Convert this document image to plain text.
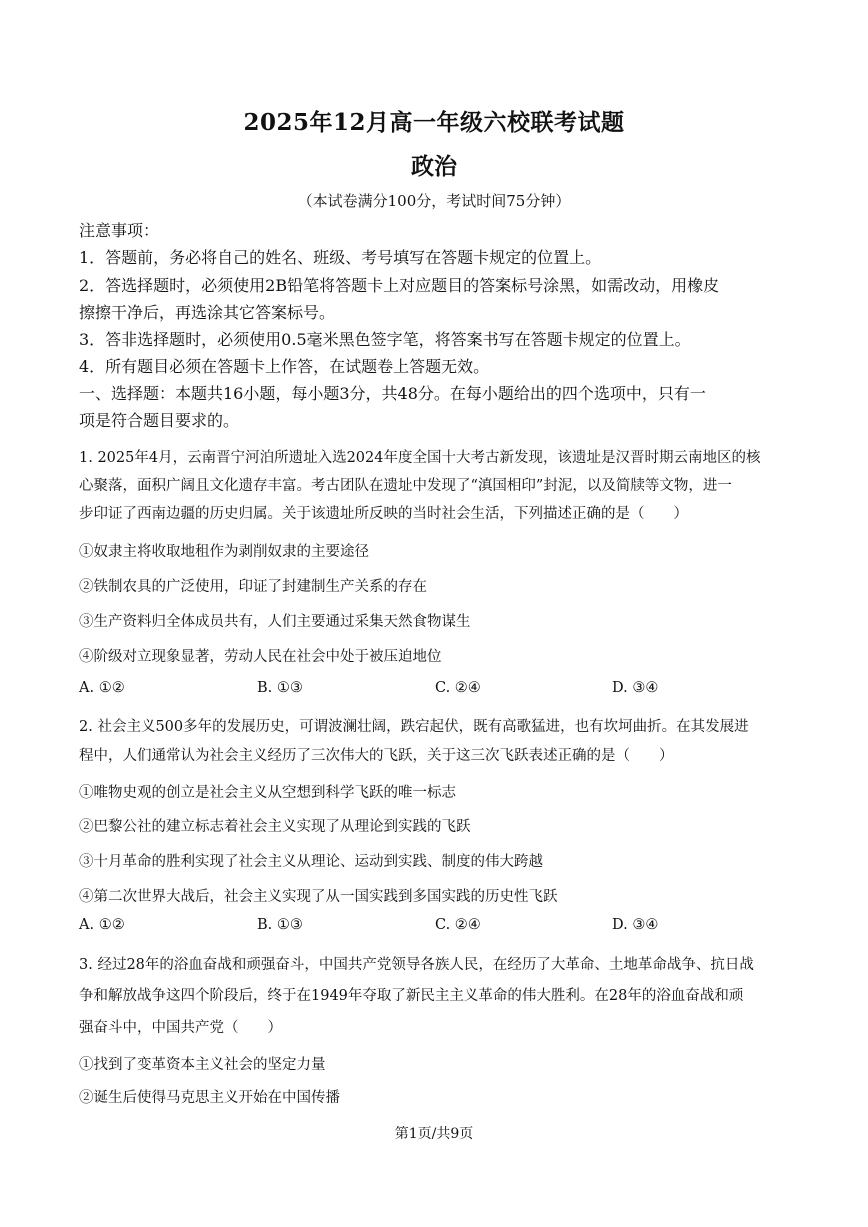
2025年12月高一年级六校联考试题
政治
（本试卷满分100分，考试时间75分钟）
注意事项：
1．答题前，务必将自己的姓名、班级、考号填写在答题卡规定的位置上。
2．答选择题时，必须使用2B铅笔将答题卡上对应题目的答案标号涂黑，如需改动，用橡皮
擦擦干净后，再选涂其它答案标号。
3．答非选择题时，必须使用0.5毫米黑色签字笔，将答案书写在答题卡规定的位置上。
4．所有题目必须在答题卡上作答，在试题卷上答题无效。
一、选择题：本题共16小题，每小题3分，共48分。在每小题给出的四个选项中，只有一
项是符合题目要求的。
1. 2025年4月，云南晋宁河泊所遗址入选2024年度全国十大考古新发现，该遗址是汉晋时期云南地区的核
心聚落，面积广阔且文化遗存丰富。考古团队在遗址中发现了“滇国相印”封泥，以及简牍等文物，进一
步印证了西南边疆的历史归属。关于该遗址所反映的当时社会生活，下列描述正确的是（　　）
①奴隶主将收取地租作为剥削奴隶的主要途径
②铁制农具的广泛使用，印证了封建制生产关系的存在
③生产资料归全体成员共有，人们主要通过采集天然食物谋生
④阶级对立现象显著，劳动人民在社会中处于被压迫地位
A. ①②	B. ①③	C. ②④	D. ③④
2. 社会主义500多年的发展历史，可谓波澜壮阔，跌宕起伏，既有高歌猛进，也有坎坷曲折。在其发展进
程中，人们通常认为社会主义经历了三次伟大的飞跃，关于这三次飞跃表述正确的是（　　）
①唯物史观的创立是社会主义从空想到科学飞跃的唯一标志
②巴黎公社的建立标志着社会主义实现了从理论到实践的飞跃
③十月革命的胜利实现了社会主义从理论、运动到实践、制度的伟大跨越
④第二次世界大战后，社会主义实现了从一国实践到多国实践的历史性飞跃
A. ①②	B. ①③	C. ②④	D. ③④
3. 经过28年的浴血奋战和顽强奋斗，中国共产党领导各族人民，在经历了大革命、土地革命战争、抗日战
争和解放战争这四个阶段后，终于在1949年夺取了新民主主义革命的伟大胜利。在28年的浴血奋战和顽
强奋斗中，中国共产党（　　）
①找到了变革资本主义社会的坚定力量
②诞生后使得马克思主义开始在中国传播
第1页/共9页
